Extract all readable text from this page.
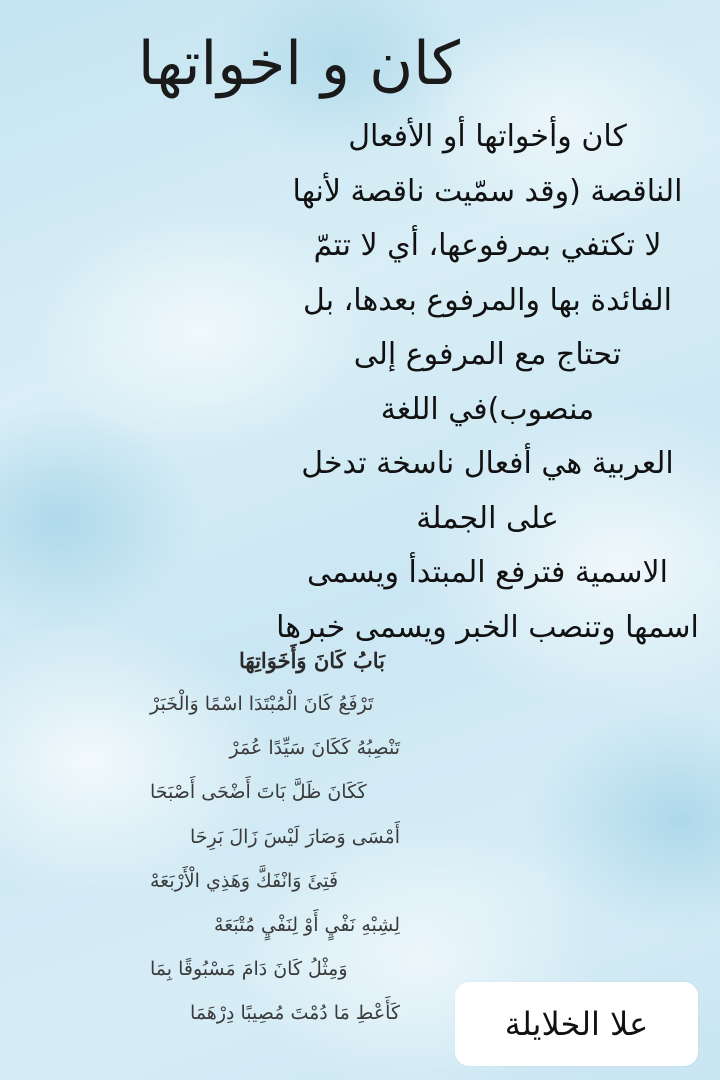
كان و اخواتها
كان وأخواتها أو الأفعال
الناقصة (وقد سمّيت ناقصة لأنها
لا تكتفي بمرفوعها، أي لا تتمّ
الفائدة بها والمرفوع بعدها، بل
تحتاج مع المرفوع إلى
منصوب)في اللغة
العربية هي أفعال ناسخة تدخل
على الجملة
الاسمية فترفع المبتدأ ويسمى
اسمها وتنصب الخبر ويسمى خبرها
بَابُ كَانَ وَأَخَوَاتِهَا
تَرْفَعُ كَانَ الْمُبْتَدَا اسْمًا وَالْخَبَرْ
تَنْصِبُهُ كَكَانَ سَيِّدًا عُمَرْ
كَكَانَ ظَلَّ بَاتَ أَضْحَى أَصْبَحَا
أَمْسَى وَصَارَ لَيْسَ زَالَ بَرِحَا
فَتِئَ وَانْفَكَّ وَهَذِي الْأَرْبَعَهْ
لِشِبْهِ نَفْيٍ أَوْ لِنَفْيٍ مُتْبَعَهْ
وَمِثْلُ كَانَ دَامَ مَسْبُوقًا بِمَا
كَأَعْطِ مَا دُمْتَ مُصِيبًا دِرْهَمَا	علا الخلايلة
